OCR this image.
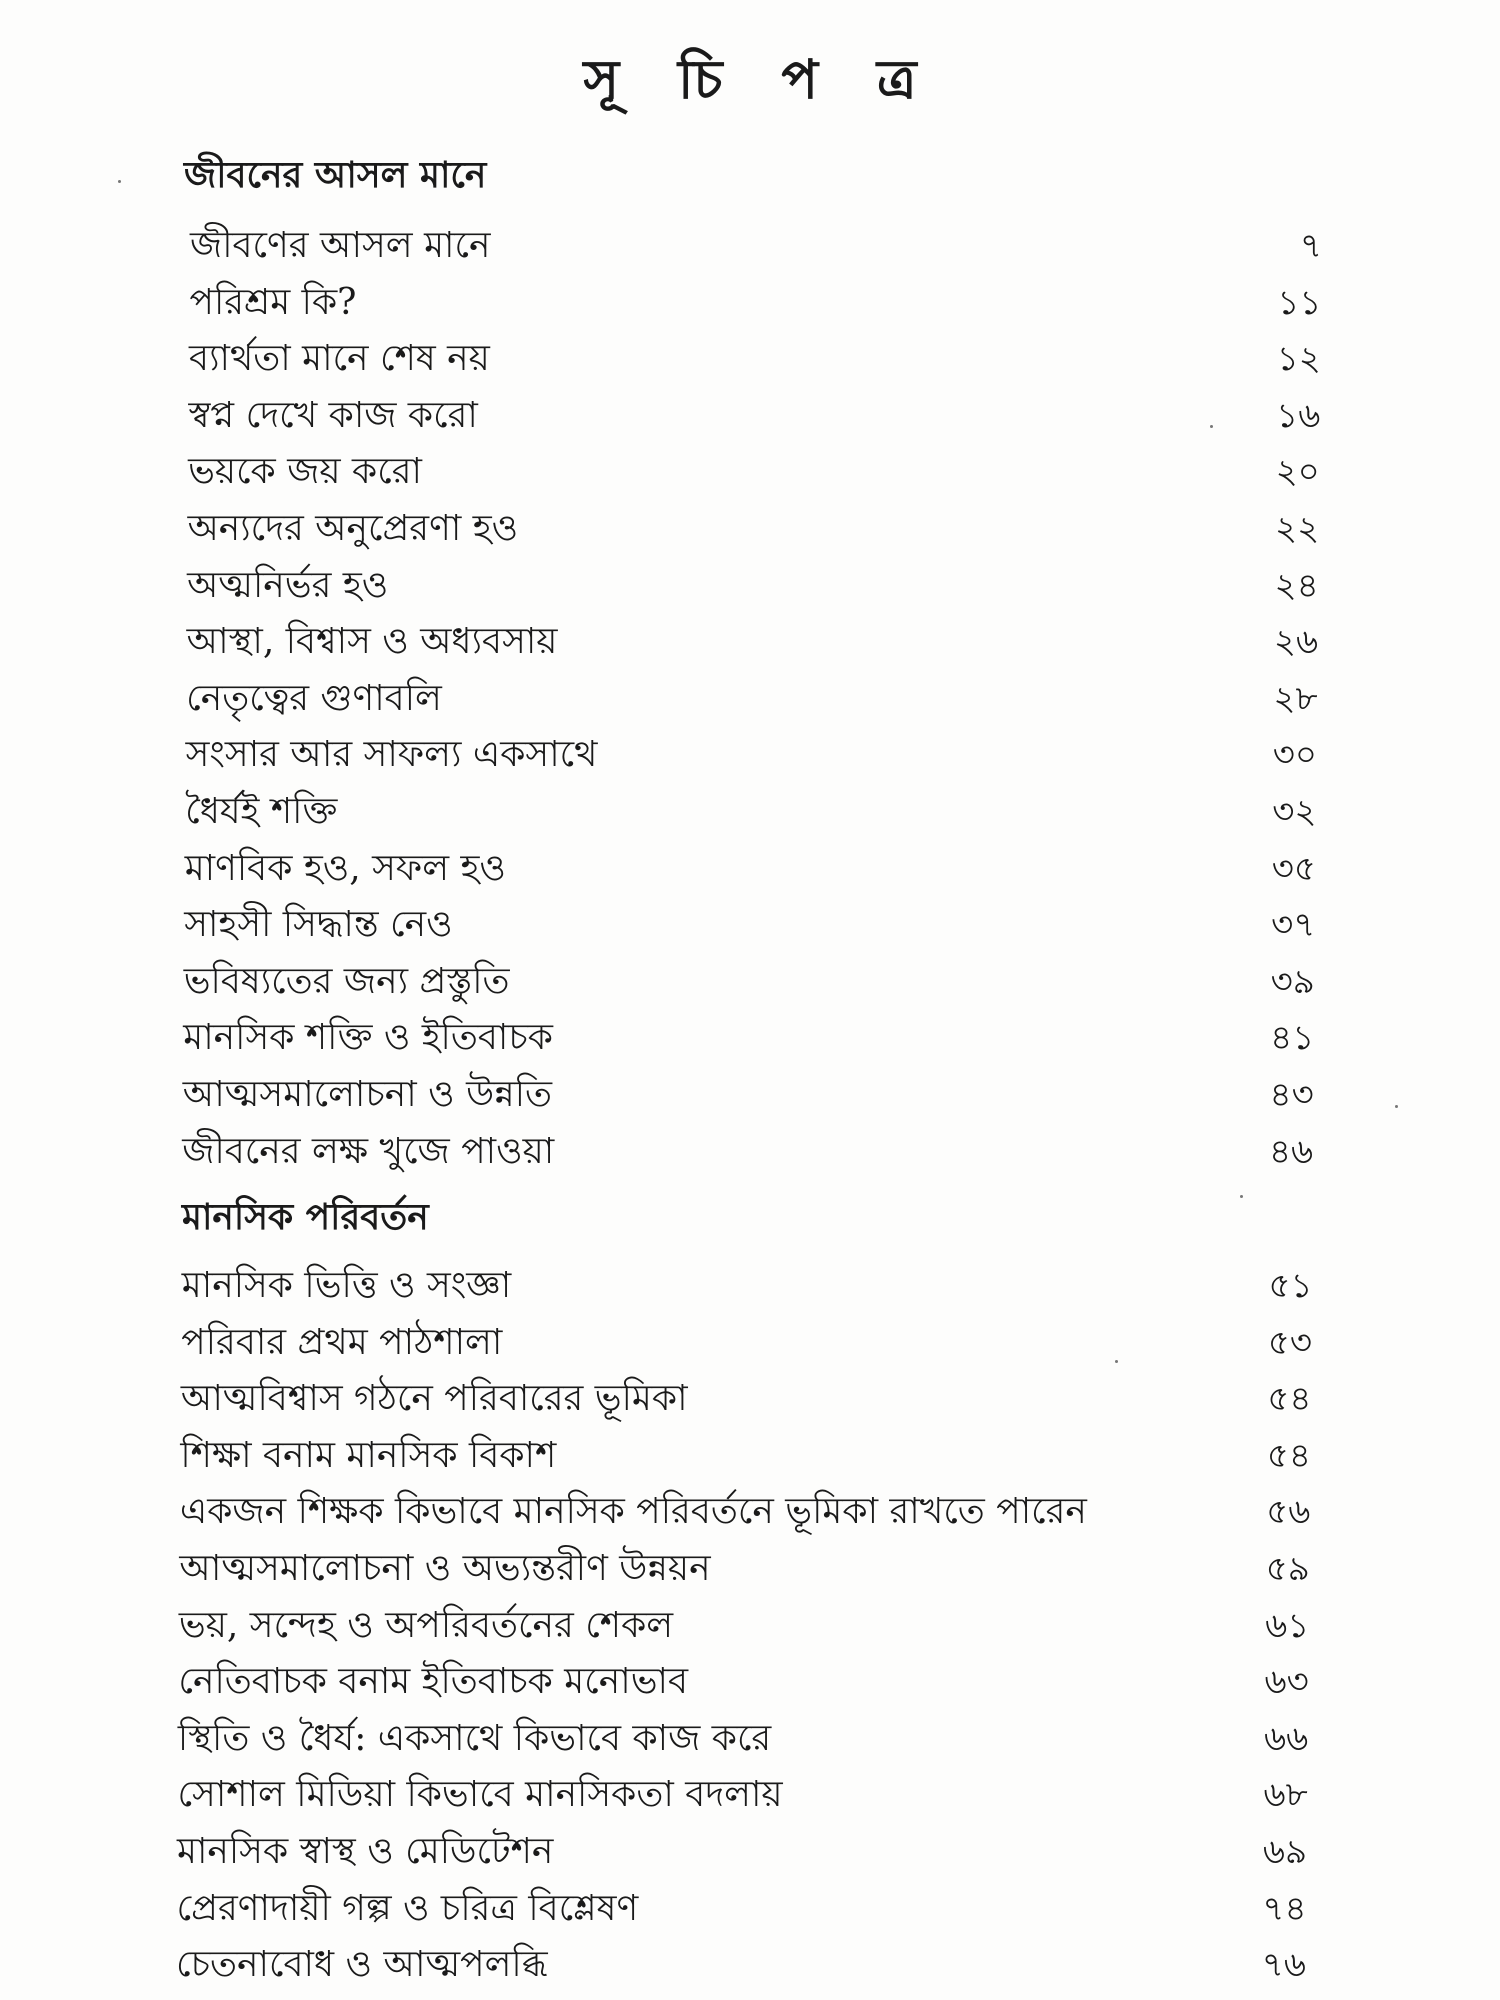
সূ চি প ত্র
জীবনের আসল মানে
জীবণের আসল মানে	৭
পরিশ্রম কি?	১১
ব্যার্থতা মানে শেষ নয়	১২
স্বপ্ন দেখে কাজ করো	১৬
ভয়কে জয় করো	২০
অন্যদের অনুপ্রেরণা হও	২২
অত্মনির্ভর হও	২৪
আস্থা, বিশ্বাস ও অধ্যবসায়	২৬
নেতৃত্বের গুণাবলি	২৮
সংসার আর সাফল্য একসাথে	৩০
ধৈর্যই শক্তি	৩২
মাণবিক হও, সফল হও	৩৫
সাহসী সিদ্ধান্ত নেও	৩৭
ভবিষ্যতের জন্য প্রস্তুতি	৩৯
মানসিক শক্তি ও ইতিবাচক	৪১
আত্মসমালোচনা ও উন্নতি	৪৩
জীবনের লক্ষ খুজে পাওয়া	৪৬
মানসিক পরিবর্তন
মানসিক ভিত্তি ও সংজ্ঞা	৫১
পরিবার প্রথম পাঠশালা	৫৩
আত্মবিশ্বাস গঠনে পরিবারের ভূমিকা	৫৪
শিক্ষা বনাম মানসিক বিকাশ	৫৪
একজন শিক্ষক কিভাবে মানসিক পরিবর্তনে ভূমিকা রাখতে পারেন	৫৬
আত্মসমালোচনা ও অভ্যন্তরীণ উন্নয়ন	৫৯
ভয়, সন্দেহ ও অপরিবর্তনের শেকল	৬১
নেতিবাচক বনাম ইতিবাচক মনোভাব	৬৩
স্থিতি ও ধৈর্য: একসাথে কিভাবে কাজ করে	৬৬
সোশাল মিডিয়া কিভাবে মানসিকতা বদলায়	৬৮
মানসিক স্বাস্থ ও মেডিটেশন	৬৯
প্রেরণাদায়ী গল্প ও চরিত্র বিশ্লেষণ	৭৪
চেতনাবোধ ও আত্মপলব্ধি	৭৬
